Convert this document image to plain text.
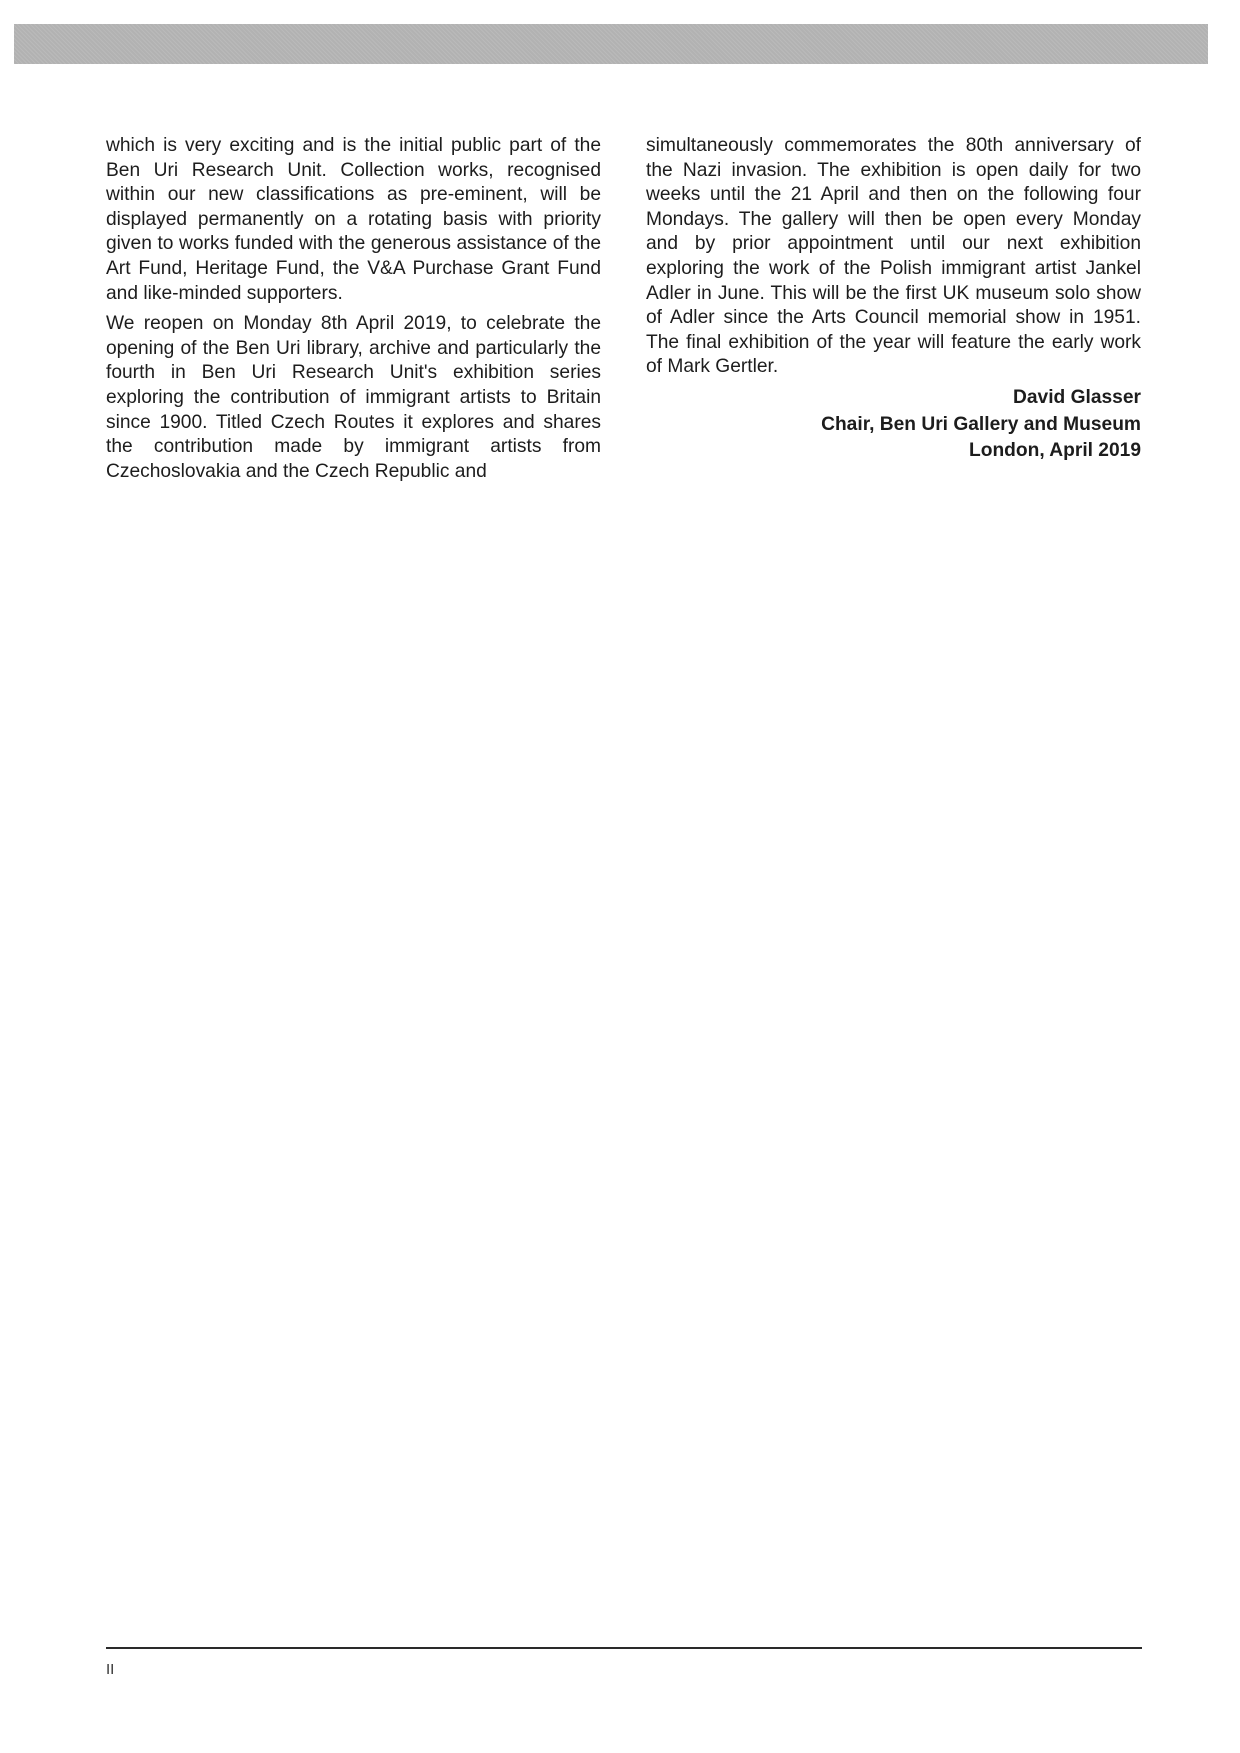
which is very exciting and is the initial public part of the Ben Uri Research Unit. Collection works, recognised within our new classifications as pre-eminent, will be displayed permanently on a rotating basis with priority given to works funded with the generous assistance of the Art Fund, Heritage Fund, the V&A Purchase Grant Fund and like-minded supporters.

We reopen on Monday 8th April 2019, to celebrate the opening of the Ben Uri library, archive and particularly the fourth in Ben Uri Research Unit's exhibition series exploring the contribution of immigrant artists to Britain since 1900. Titled Czech Routes it explores and shares the contribution made by immigrant artists from Czechoslovakia and the Czech Republic and

simultaneously commemorates the 80th anniversary of the Nazi invasion. The exhibition is open daily for two weeks until the 21 April and then on the following four Mondays. The gallery will then be open every Monday and by prior appointment until our next exhibition exploring the work of the Polish immigrant artist Jankel Adler in June. This will be the first UK museum solo show of Adler since the Arts Council memorial show in 1951. The final exhibition of the year will feature the early work of Mark Gertler.

David Glasser
Chair, Ben Uri Gallery and Museum
London, April 2019
II
